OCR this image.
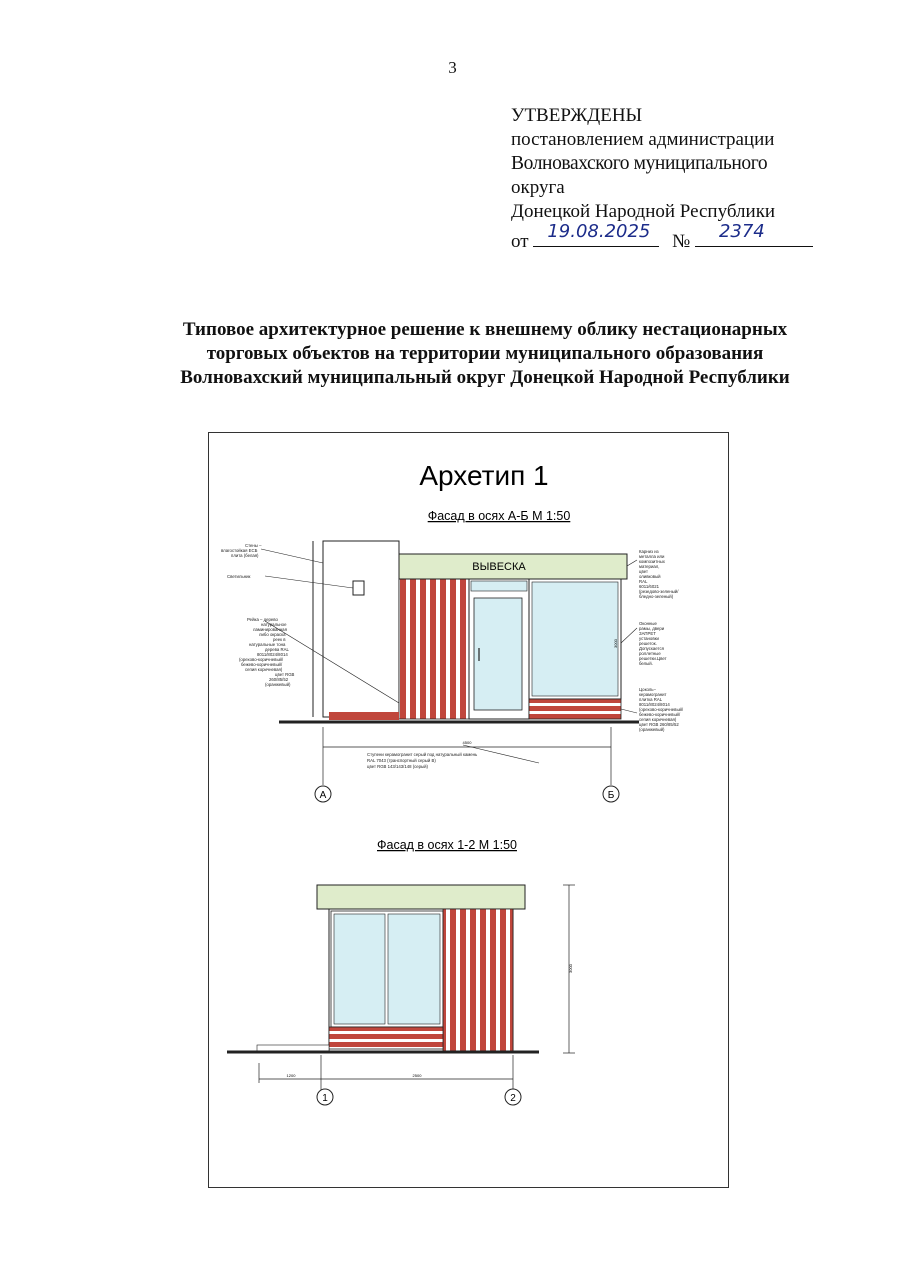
3
УТВЕРЖДЕНЫ
постановлением администрации
Волновахского муниципального
округа
Донецкой Народной Республики
от 19.08.2025 № 2374
Типовое архитектурное решение к внешнему облику нестационарных
торговых объектов на территории муниципального образования
Волновахский муниципальный округ Донецкой Народной Республики
Архетип 1
Фасад в осях А-Б М 1:50
ВЫВЕСКА
4500
3000
А	Б
Стены – влагостойкая ЕСБ плита (белая)
Светильник
Рейка – дерево натуральное ламинированная либо окраска реек в натуральные тона дерева RAL 8011/8024/8014 (орехово-коричневый/ бежево-коричневый/ сепия коричневая) цвет RGB 260/85/52 (оранжевый)
Ступени керамогранит серый под натуральный камень RAL 7043 (транспортный серый В) цвет RGB 143/143/148 (серый)
Карниз из металла или композитных материал, цвет оливковый RAL 6011/6021 (резедово-зеленый/ бледно-зеленый)
Оконные рамы, двери ЗАПРЕТ установки решеток. Допускается роллетные решетки.Цвет белый.
Цоколь– керамогранит плитка RAL 8011/8024/8014 (орехово-коричневый/ бежево-коричневый/ сепия коричневая) цвет RGB 260/85/52 (оранжевый)
Фасад в осях 1-2 М 1:50
3000
1200	2500
1	2
